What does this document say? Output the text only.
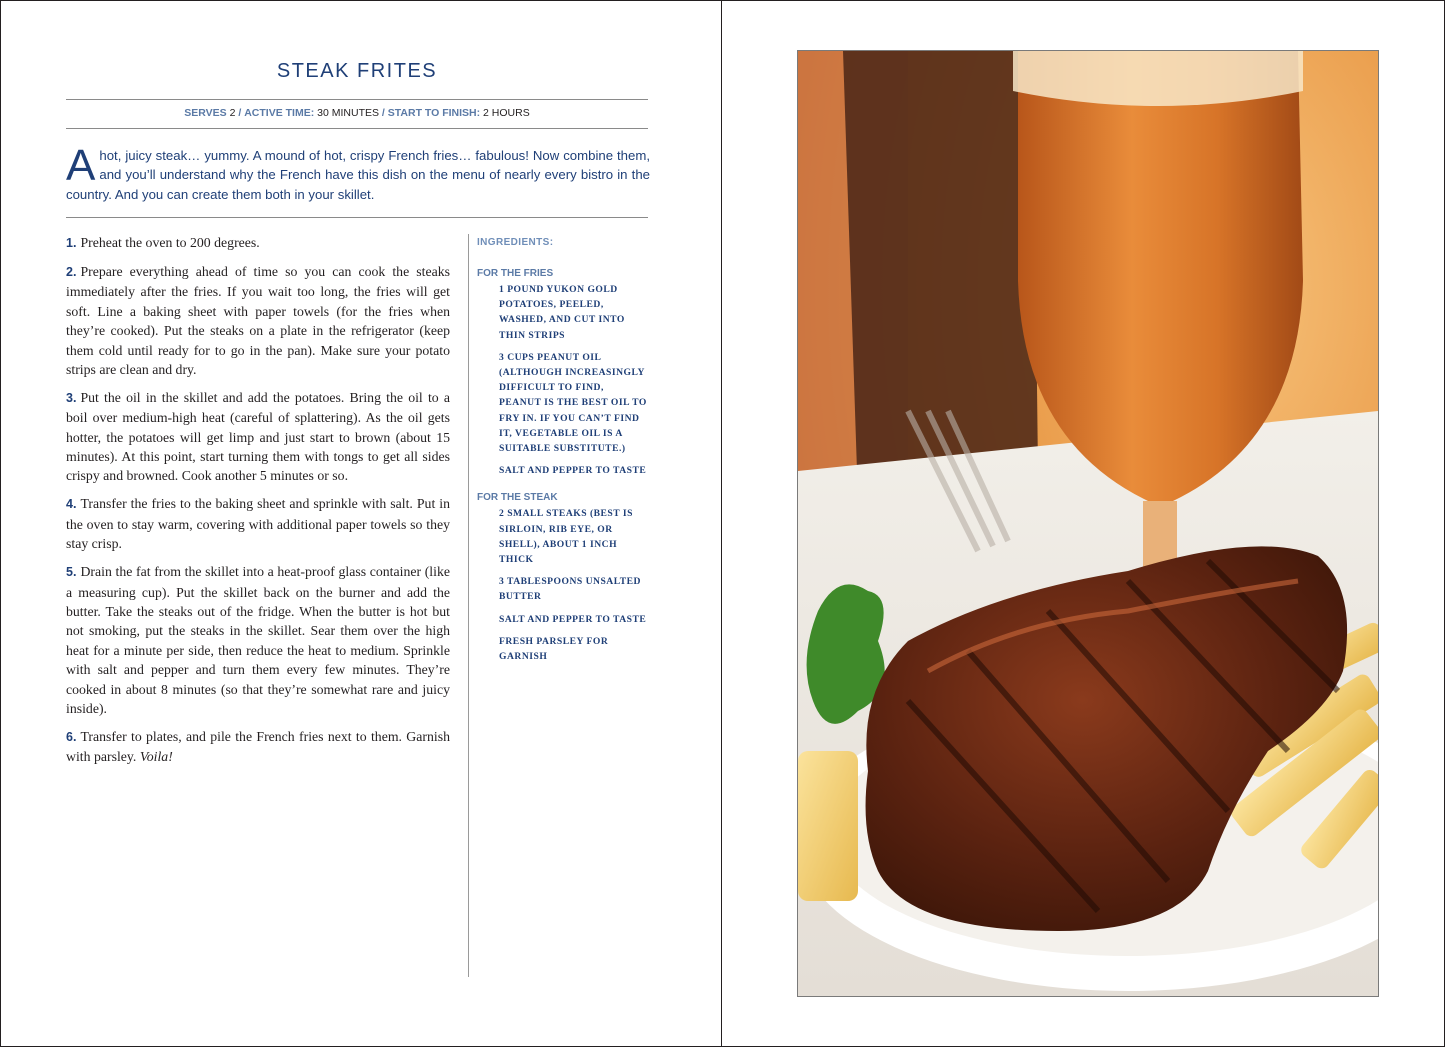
STEAK FRITES
SERVES 2 / ACTIVE TIME: 30 MINUTES / START TO FINISH: 2 HOURS

Ahot, juicy steak… yummy. A mound of hot, crispy French fries… fabulous! Now combine them, and you’ll understand why the French have this dish on the menu of nearly every bistro in the country. And you can create them both in your skillet.

1. Preheat the oven to 200 degrees.
2. Prepare everything ahead of time so you can cook the steaks immediately after the fries. If you wait too long, the fries will get soft. Line a baking sheet with paper towels (for the fries when they’re cooked). Put the steaks on a plate in the refrigerator (keep them cold until ready for to go in the pan). Make sure your potato strips are clean and dry.
3. Put the oil in the skillet and add the potatoes. Bring the oil to a boil over medium-high heat (careful of splattering). As the oil gets hotter, the potatoes will get limp and just start to brown (about 15 minutes). At this point, start turning them with tongs to get all sides crispy and browned. Cook another 5 minutes or so.
4. Transfer the fries to the baking sheet and sprinkle with salt. Put in the oven to stay warm, covering with additional paper towels so they stay crisp.
5. Drain the fat from the skillet into a heat-proof glass container (like a measuring cup). Put the skillet back on the burner and add the butter. Take the steaks out of the fridge. When the butter is hot but not smoking, put the steaks in the skillet. Sear them over the high heat for a minute per side, then reduce the heat to medium. Sprinkle with salt and pepper and turn them every few minutes. They’re cooked in about 8 minutes (so that they’re somewhat rare and juicy inside).
6. Transfer to plates, and pile the French fries next to them. Garnish with parsley. Voila!

INGREDIENTS:

FOR THE FRIES

1 POUND YUKON GOLD POTATOES, PEELED, WASHED, AND CUT INTO THIN STRIPS
3 CUPS PEANUT OIL (ALTHOUGH INCREASINGLY DIFFICULT TO FIND, PEANUT IS THE BEST OIL TO FRY IN. IF YOU CAN’T FIND IT, VEGETABLE OIL IS A SUITABLE SUBSTITUTE.)
SALT AND PEPPER TO TASTE

FOR THE STEAK

2 SMALL STEAKS (BEST IS SIRLOIN, RIB EYE, OR SHELL), ABOUT 1 INCH THICK
3 TABLESPOONS UNSALTED BUTTER
SALT AND PEPPER TO TASTE
FRESH PARSLEY FOR GARNISH
